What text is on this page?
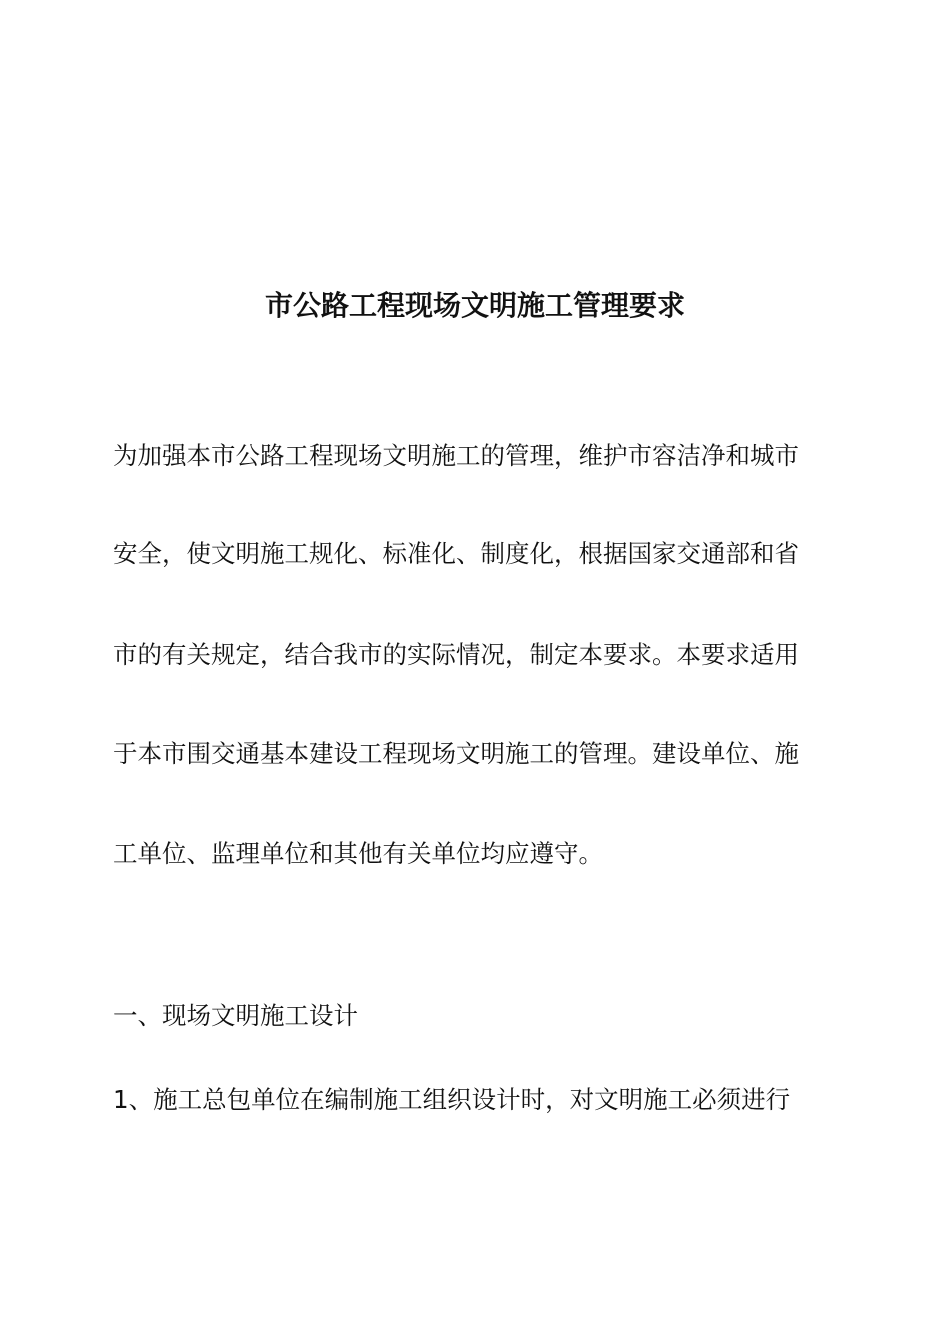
市公路工程现场文明施工管理要求
为加强本市公路工程现场文明施工的管理，维护市容洁净和城市
安全，使文明施工规化、标准化、制度化，根据国家交通部和省
市的有关规定，结合我市的实际情况，制定本要求。本要求适用
于本市围交通基本建设工程现场文明施工的管理。建设单位、施
工单位、监理单位和其他有关单位均应遵守。
一、现场文明施工设计
1、施工总包单位在编制施工组织设计时，对文明施工必须进行
